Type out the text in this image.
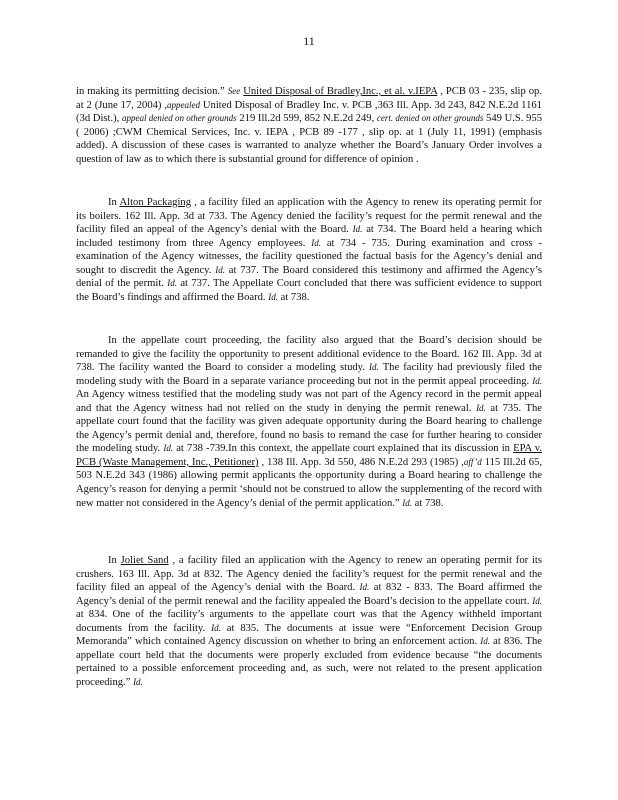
11
in making its permitting decision.” See United Disposal of Bradley,Inc., et al. v.IEPA , PCB 03 - 235, slip op. at 2 (June 17, 2004) ,appealed United Disposal of Bradley Inc. v. PCB ,363 Ill. App. 3d 243, 842 N.E.2d 1161 (3d Dist.), appeal denied on other grounds 219 Ill.2d 599, 852 N.E.2d 249, cert. denied on other grounds 549 U.S. 955 ( 2006) ;CWM Chemical Services, Inc. v. IEPA , PCB 89 -177 , slip op. at 1 (July 11, 1991) (emphasis added). A discussion of these cases is warranted to analyze whether the Board’s January Order involves a question of law as to which there is substantial ground for difference of opinion .
In Alton Packaging , a facility filed an application with the Agency to renew its operating permit for its boilers. 162 Ill. App. 3d at 733. The Agency denied the facility’s request for the permit renewal and the facility filed an appeal of the Agency’s denial with the Board. Id. at 734. The Board held a hearing which included testimony from three Agency employees. Id. at 734 - 735. During examination and cross - examination of the Agency witnesses, the facility questioned the factual basis for the Agency’s denial and sought to discredit the Agency. Id. at 737. The Board considered this testimony and affirmed the Agency’s denial of the permit. Id. at 737. The Appellate Court concluded that there was sufficient evidence to support the Board’s findings and affirmed the Board. Id. at 738.
In the appellate court proceeding, the facility also argued that the Board’s decision should be remanded to give the facility the opportunity to present additional evidence to the Board. 162 Ill. App. 3d at 738. The facility wanted the Board to consider a modeling study. Id. The facility had previously filed the modeling study with the Board in a separate variance proceeding but not in the permit appeal proceeding. Id. An Agency witness testified that the modeling study was not part of the Agency record in the permit appeal and that the Agency witness had not relied on the study in denying the permit renewal. Id. at 735. The appellate court found that the facility was given adequate opportunity during the Board hearing to challenge the Agency’s permit denial and, therefore, found no basis to remand the case for further hearing to consider the modeling study. Id. at 738 -739.In this context, the appellate court explained that its discussion in EPA v. PCB (Waste Management, Inc., Petitioner) , 138 Ill. App. 3d 550, 486 N.E.2d 293 (1985) ,aff’d 115 Ill.2d 65, 503 N.E.2d 343 (1986) allowing permit applicants the opportunity during a Board hearing to challenge the Agency’s reason for denying a permit ‘should not be construed to allow the supplementing of the record with new matter not considered in the Agency’s denial of the permit application.” Id. at 738.
In Joliet Sand , a facility filed an application with the Agency to renew an operating permit for its crushers. 163 Ill. App. 3d at 832. The Agency denied the facility’s request for the permit renewal and the facility filed an appeal of the Agency’s denial with the Board. Id. at 832 - 833. The Board affirmed the Agency’s denial of the permit renewal and the facility appealed the Board’s decision to the appellate court. Id. at 834. One of the facility’s arguments to the appellate court was that the Agency withheld important documents from the facility. Id. at 835. The documents at issue were “Enforcement Decision Group Memoranda” which contained Agency discussion on whether to bring an enforcement action. Id. at 836. The appellate court held that the documents were properly excluded from evidence because “the documents pertained to a possible enforcement proceeding and, as such, were not related to the present application proceeding.” Id.
